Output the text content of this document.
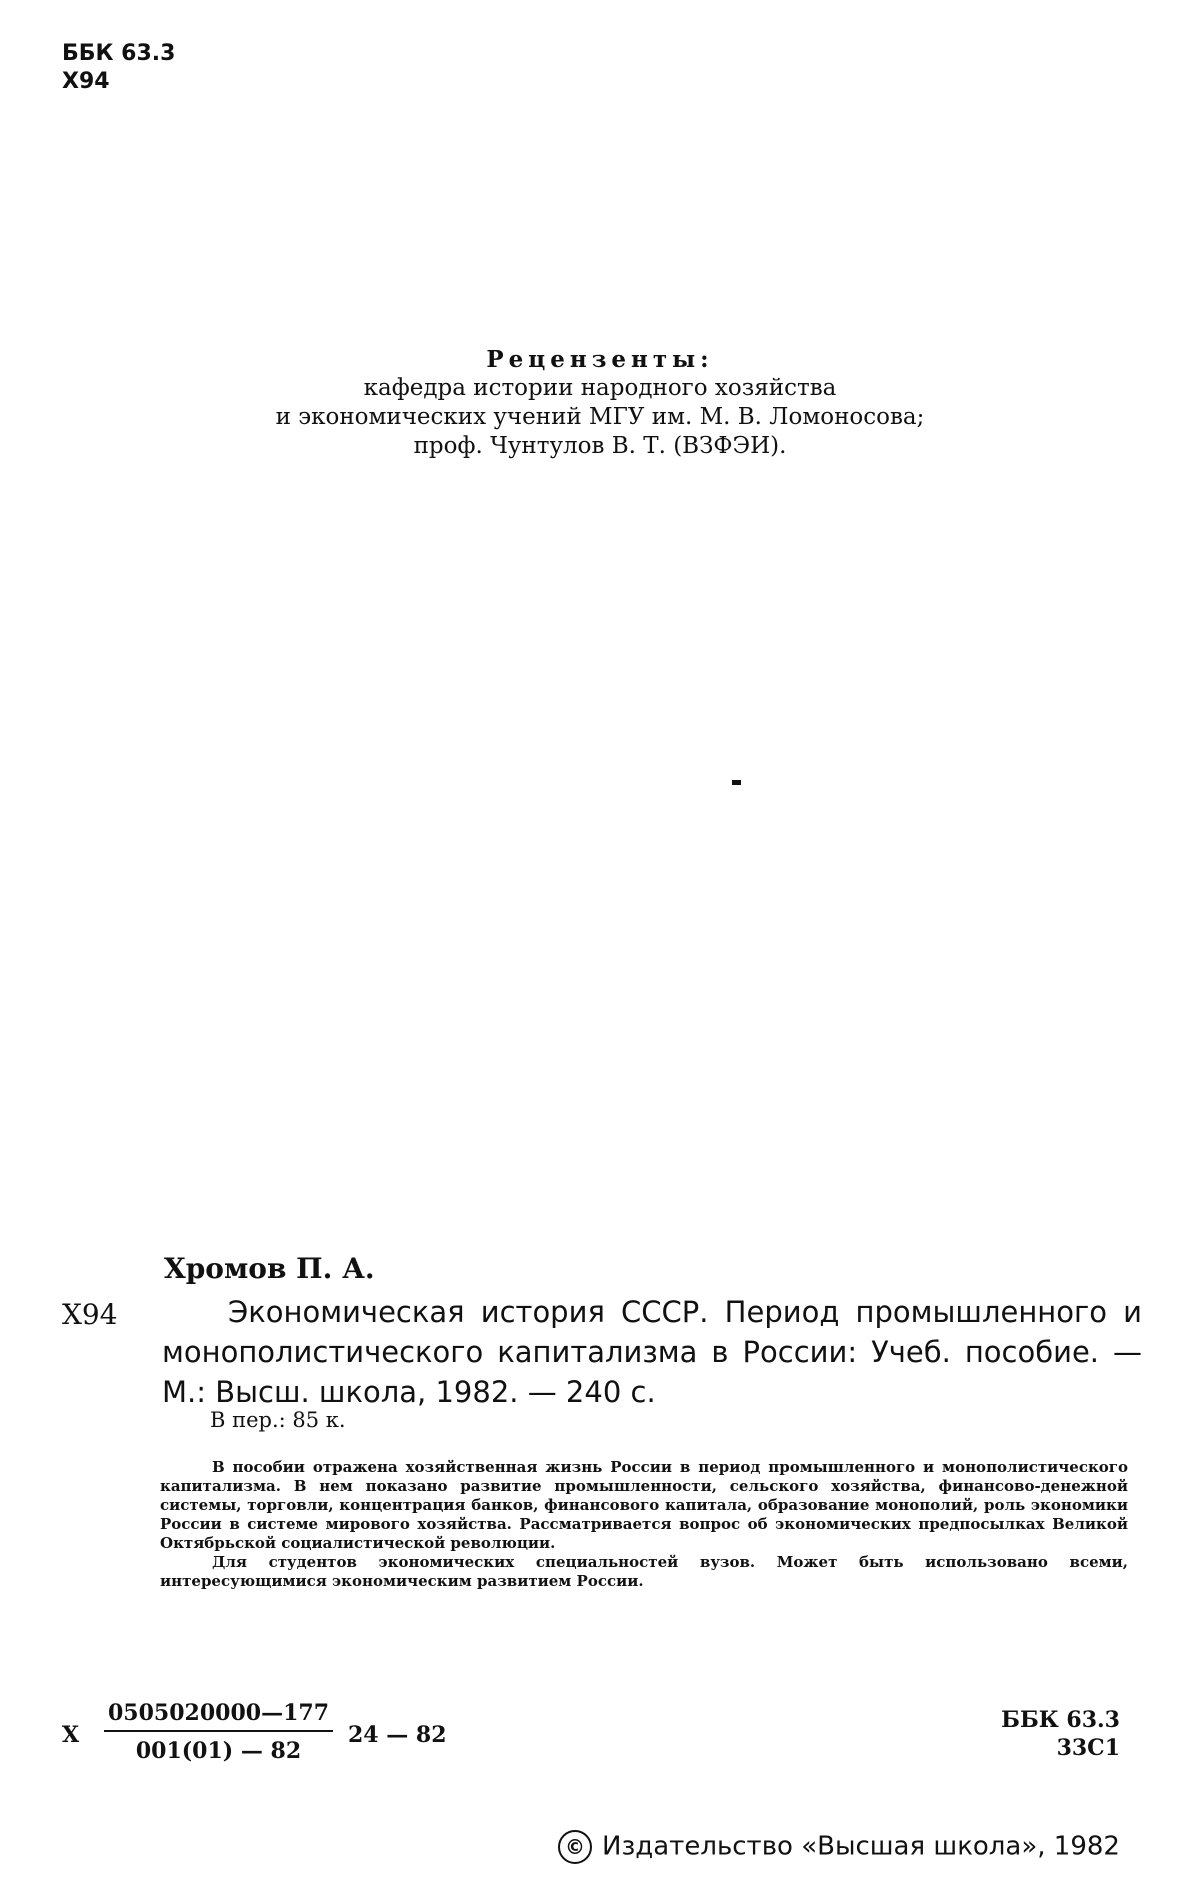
ББК 63.3
Х94
Рецензенты:
кафедра истории народного хозяйства
и экономических учений МГУ им. М. В. Ломоносова;
проф. Чунтулов В. Т. (ВЗФЭИ).
Хромов П. А.
Х94	Экономическая история СССР. Период промышленного и монополистического капитализма в России: Учеб. пособие. — М.: Высш. школа, 1982. — 240 с.
В пер.: 85 к.

В пособии отражена хозяйственная жизнь России в период промышленного и монополистического капитализма. В нем показано развитие промышленности, сельского хозяйства, финансово-денежной системы, торговли, концентрация банков, финансового капитала, образование монополий, роль экономики России в системе мирового хозяйства. Рассматривается вопрос об экономических предпосылках Великой Октябрьской социалистической революции.

Для студентов экономических специальностей вузов. Может быть использовано всеми, интересующимися экономическим развитием России.

Х $\frac{0505020000—177}{001(01) — 82} 24$ — 82
ББК 63.3
33С1
© Издательство «Высшая школа», 1982
